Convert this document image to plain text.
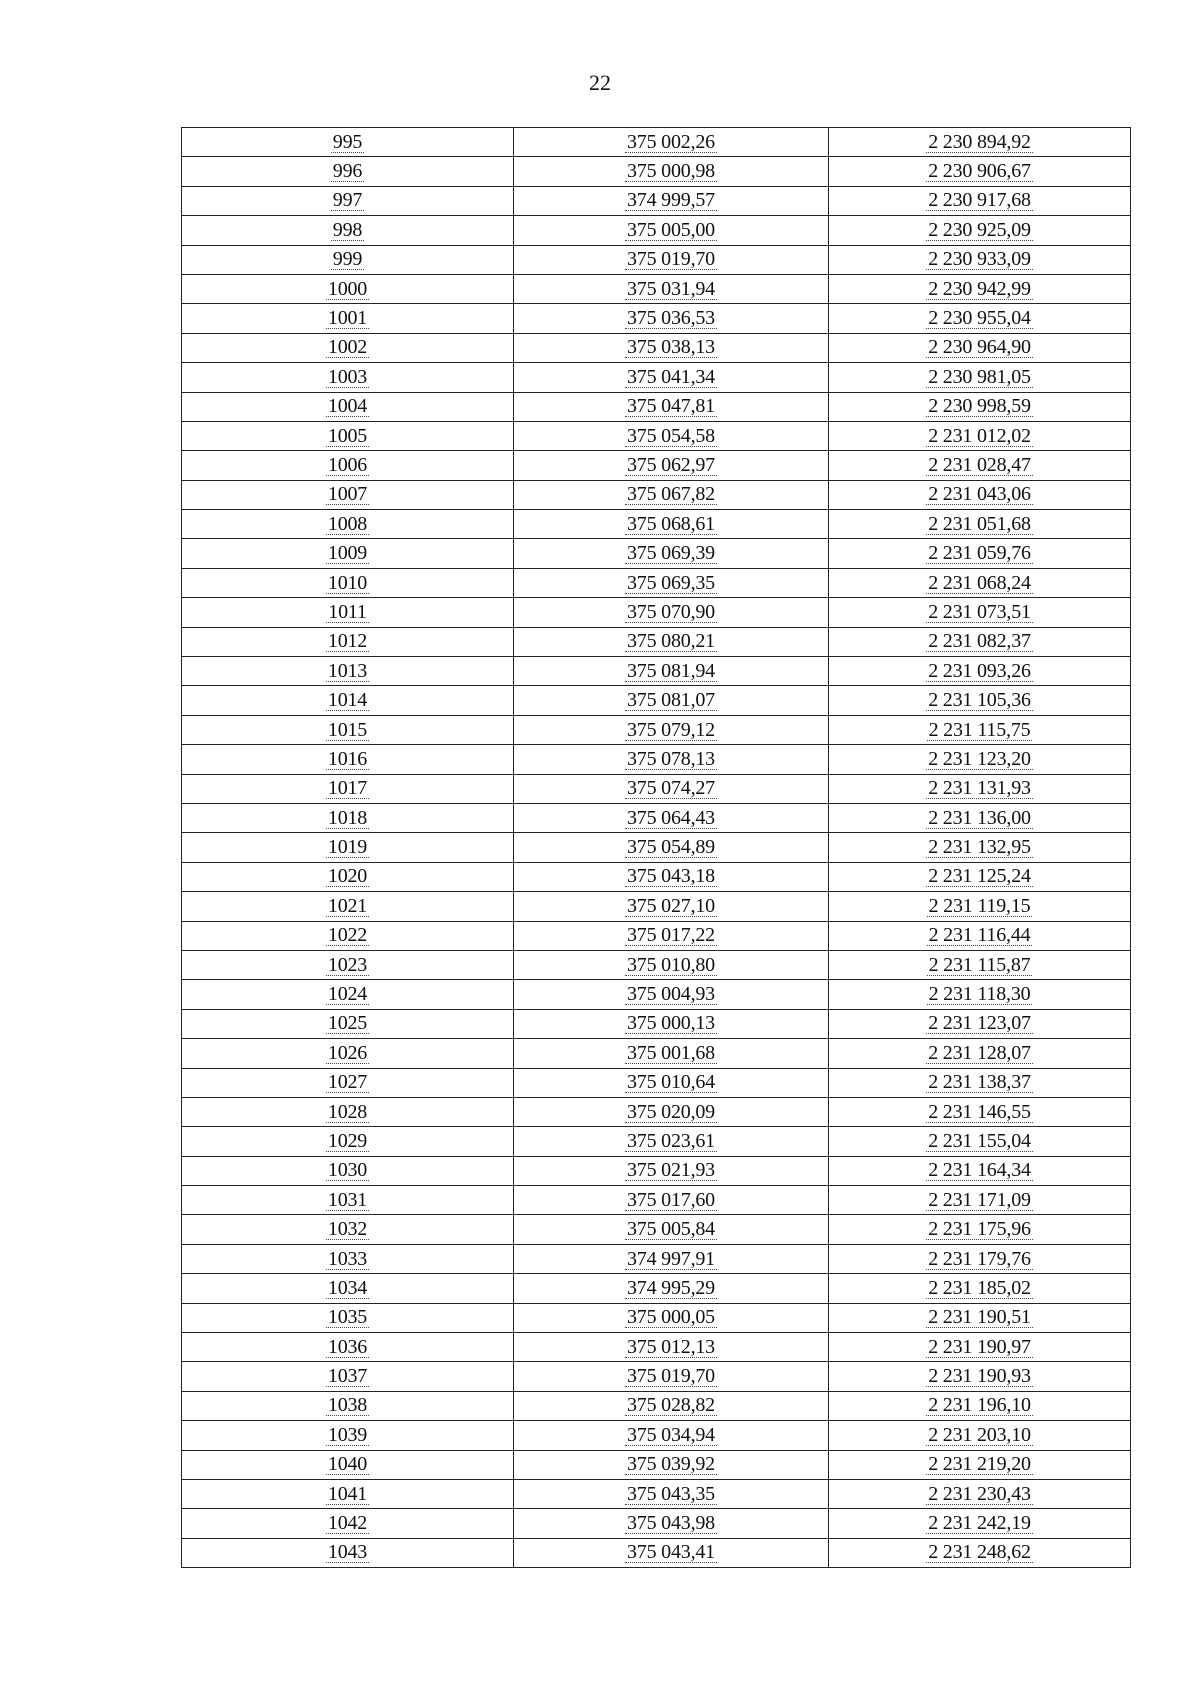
22
995	375 002,26	2 230 894,92
996	375 000,98	2 230 906,67
997	374 999,57	2 230 917,68
998	375 005,00	2 230 925,09
999	375 019,70	2 230 933,09
1000	375 031,94	2 230 942,99
1001	375 036,53	2 230 955,04
1002	375 038,13	2 230 964,90
1003	375 041,34	2 230 981,05
1004	375 047,81	2 230 998,59
1005	375 054,58	2 231 012,02
1006	375 062,97	2 231 028,47
1007	375 067,82	2 231 043,06
1008	375 068,61	2 231 051,68
1009	375 069,39	2 231 059,76
1010	375 069,35	2 231 068,24
1011	375 070,90	2 231 073,51
1012	375 080,21	2 231 082,37
1013	375 081,94	2 231 093,26
1014	375 081,07	2 231 105,36
1015	375 079,12	2 231 115,75
1016	375 078,13	2 231 123,20
1017	375 074,27	2 231 131,93
1018	375 064,43	2 231 136,00
1019	375 054,89	2 231 132,95
1020	375 043,18	2 231 125,24
1021	375 027,10	2 231 119,15
1022	375 017,22	2 231 116,44
1023	375 010,80	2 231 115,87
1024	375 004,93	2 231 118,30
1025	375 000,13	2 231 123,07
1026	375 001,68	2 231 128,07
1027	375 010,64	2 231 138,37
1028	375 020,09	2 231 146,55
1029	375 023,61	2 231 155,04
1030	375 021,93	2 231 164,34
1031	375 017,60	2 231 171,09
1032	375 005,84	2 231 175,96
1033	374 997,91	2 231 179,76
1034	374 995,29	2 231 185,02
1035	375 000,05	2 231 190,51
1036	375 012,13	2 231 190,97
1037	375 019,70	2 231 190,93
1038	375 028,82	2 231 196,10
1039	375 034,94	2 231 203,10
1040	375 039,92	2 231 219,20
1041	375 043,35	2 231 230,43
1042	375 043,98	2 231 242,19
1043	375 043,41	2 231 248,62
